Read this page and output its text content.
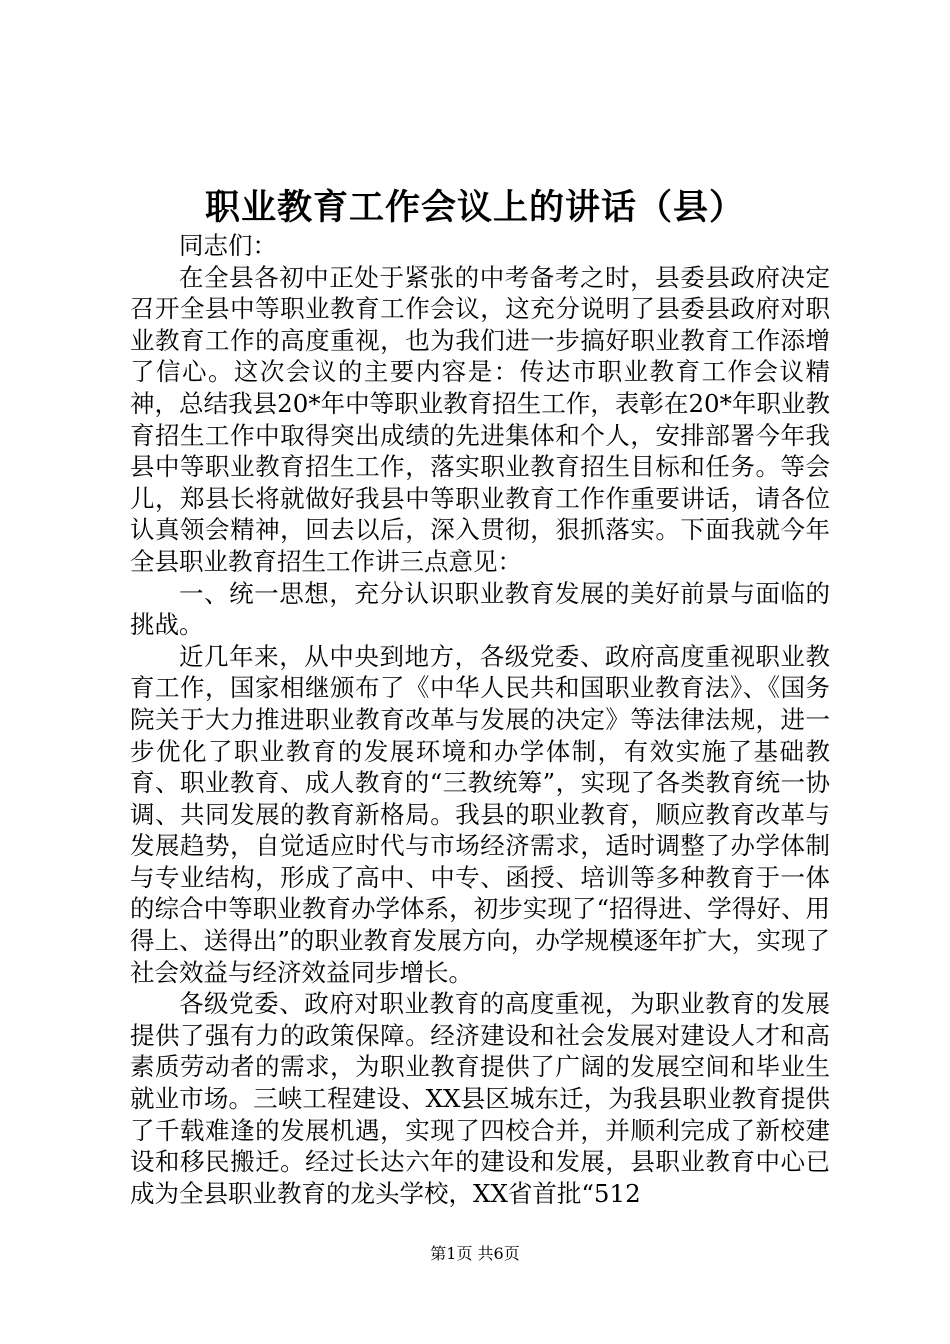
职业教育工作会议上的讲话（县）

同志们：

在全县各初中正处于紧张的中考备考之时，县委县政府决定召开全县中等职业教育工作会议，这充分说明了县委县政府对职业教育工作的高度重视，也为我们进一步搞好职业教育工作添增了信心。这次会议的主要内容是：传达市职业教育工作会议精神，总结我县20*年中等职业教育招生工作，表彰在20*年职业教育招生工作中取得突出成绩的先进集体和个人，安排部署今年我县中等职业教育招生工作，落实职业教育招生目标和任务。等会儿，郑县长将就做好我县中等职业教育工作作重要讲话，请各位认真领会精神，回去以后，深入贯彻，狠抓落实。下面我就今年全县职业教育招生工作讲三点意见：

一、统一思想，充分认识职业教育发展的美好前景与面临的挑战。

近几年来，从中央到地方，各级党委、政府高度重视职业教育工作，国家相继颁布了《中华人民共和国职业教育法》、《国务院关于大力推进职业教育改革与发展的决定》等法律法规，进一步优化了职业教育的发展环境和办学体制，有效实施了基础教育、职业教育、成人教育的“三教统筹”，实现了各类教育统一协调、共同发展的教育新格局。我县的职业教育，顺应教育改革与发展趋势，自觉适应时代与市场经济需求，适时调整了办学体制与专业结构，形成了高中、中专、函授、培训等多种教育于一体的综合中等职业教育办学体系，初步实现了“招得进、学得好、用得上、送得出”的职业教育发展方向，办学规模逐年扩大，实现了社会效益与经济效益同步增长。

各级党委、政府对职业教育的高度重视，为职业教育的发展提供了强有力的政策保障。经济建设和社会发展对建设人才和高素质劳动者的需求，为职业教育提供了广阔的发展空间和毕业生就业市场。三峡工程建设、XX县区城东迁，为我县职业教育提供了千载难逢的发展机遇，实现了四校合并，并顺利完成了新校建设和移民搬迁。经过长达六年的建设和发展，县职业教育中心已成为全县职业教育的龙头学校，XX省首批“512

第1页 共6页
